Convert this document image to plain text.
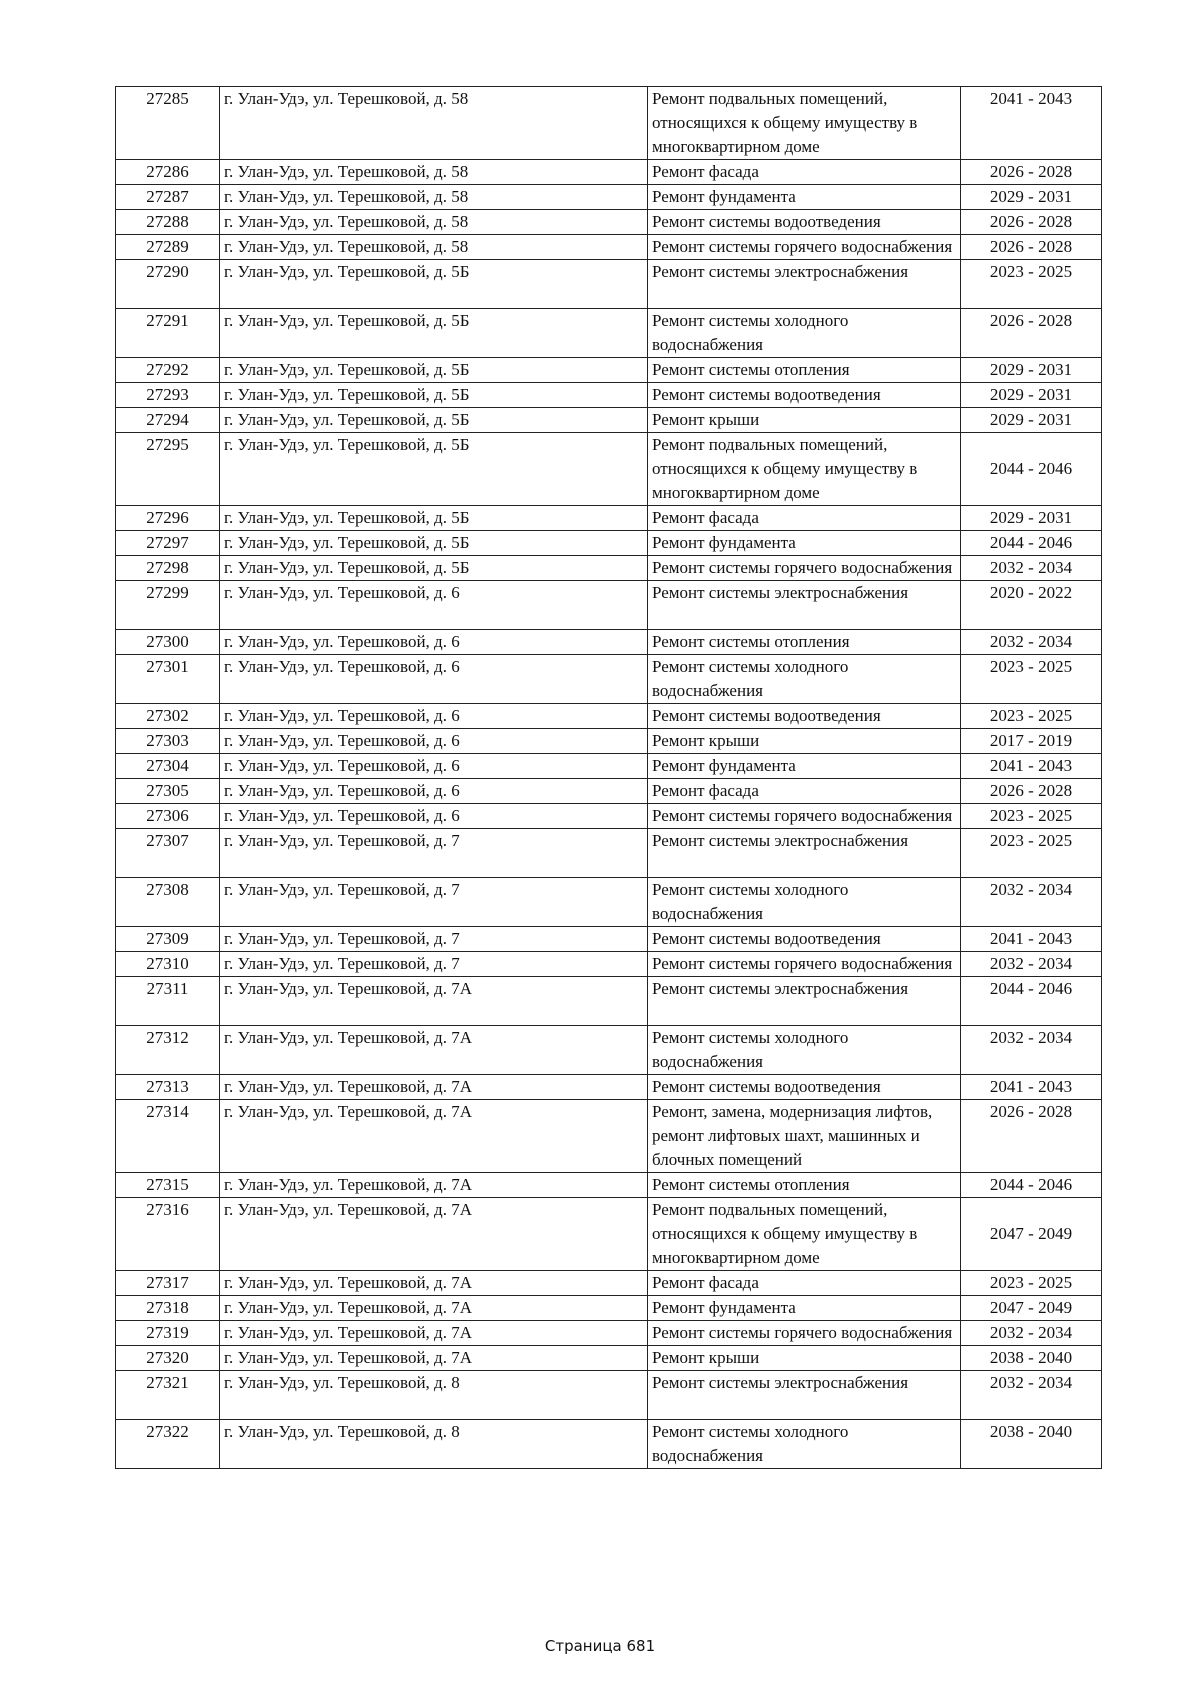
27285	г. Улан-Удэ, ул. Терешковой, д. 58	Ремонт подвальных помещений, относящихся к общему имуществу в многоквартирном доме	2041 - 2043
27286	г. Улан-Удэ, ул. Терешковой, д. 58	Ремонт фасада	2026 - 2028
27287	г. Улан-Удэ, ул. Терешковой, д. 58	Ремонт фундамента	2029 - 2031
27288	г. Улан-Удэ, ул. Терешковой, д. 58	Ремонт системы водоотведения	2026 - 2028
27289	г. Улан-Удэ, ул. Терешковой, д. 58	Ремонт системы горячего водоснабжения	2026 - 2028
27290	г. Улан-Удэ, ул. Терешковой, д. 5Б	Ремонт системы электроснабжения	2023 - 2025
27291	г. Улан-Удэ, ул. Терешковой, д. 5Б	Ремонт системы холодного водоснабжения	2026 - 2028
27292	г. Улан-Удэ, ул. Терешковой, д. 5Б	Ремонт системы отопления	2029 - 2031
27293	г. Улан-Удэ, ул. Терешковой, д. 5Б	Ремонт системы водоотведения	2029 - 2031
27294	г. Улан-Удэ, ул. Терешковой, д. 5Б	Ремонт крыши	2029 - 2031
27295	г. Улан-Удэ, ул. Терешковой, д. 5Б	Ремонт подвальных помещений, относящихся к общему имуществу в многоквартирном доме	2044 - 2046
27296	г. Улан-Удэ, ул. Терешковой, д. 5Б	Ремонт фасада	2029 - 2031
27297	г. Улан-Удэ, ул. Терешковой, д. 5Б	Ремонт фундамента	2044 - 2046
27298	г. Улан-Удэ, ул. Терешковой, д. 5Б	Ремонт системы горячего водоснабжения	2032 - 2034
27299	г. Улан-Удэ, ул. Терешковой, д. 6	Ремонт системы электроснабжения	2020 - 2022
27300	г. Улан-Удэ, ул. Терешковой, д. 6	Ремонт системы отопления	2032 - 2034
27301	г. Улан-Удэ, ул. Терешковой, д. 6	Ремонт системы холодного водоснабжения	2023 - 2025
27302	г. Улан-Удэ, ул. Терешковой, д. 6	Ремонт системы водоотведения	2023 - 2025
27303	г. Улан-Удэ, ул. Терешковой, д. 6	Ремонт крыши	2017 - 2019
27304	г. Улан-Удэ, ул. Терешковой, д. 6	Ремонт фундамента	2041 - 2043
27305	г. Улан-Удэ, ул. Терешковой, д. 6	Ремонт фасада	2026 - 2028
27306	г. Улан-Удэ, ул. Терешковой, д. 6	Ремонт системы горячего водоснабжения	2023 - 2025
27307	г. Улан-Удэ, ул. Терешковой, д. 7	Ремонт системы электроснабжения	2023 - 2025
27308	г. Улан-Удэ, ул. Терешковой, д. 7	Ремонт системы холодного водоснабжения	2032 - 2034
27309	г. Улан-Удэ, ул. Терешковой, д. 7	Ремонт системы водоотведения	2041 - 2043
27310	г. Улан-Удэ, ул. Терешковой, д. 7	Ремонт системы горячего водоснабжения	2032 - 2034
27311	г. Улан-Удэ, ул. Терешковой, д. 7А	Ремонт системы электроснабжения	2044 - 2046
27312	г. Улан-Удэ, ул. Терешковой, д. 7А	Ремонт системы холодного водоснабжения	2032 - 2034
27313	г. Улан-Удэ, ул. Терешковой, д. 7А	Ремонт системы водоотведения	2041 - 2043
27314	г. Улан-Удэ, ул. Терешковой, д. 7А	Ремонт, замена, модернизация лифтов, ремонт лифтовых шахт, машинных и блочных помещений	2026 - 2028
27315	г. Улан-Удэ, ул. Терешковой, д. 7А	Ремонт системы отопления	2044 - 2046
27316	г. Улан-Удэ, ул. Терешковой, д. 7А	Ремонт подвальных помещений, относящихся к общему имуществу в многоквартирном доме	2047 - 2049
27317	г. Улан-Удэ, ул. Терешковой, д. 7А	Ремонт фасада	2023 - 2025
27318	г. Улан-Удэ, ул. Терешковой, д. 7А	Ремонт фундамента	2047 - 2049
27319	г. Улан-Удэ, ул. Терешковой, д. 7А	Ремонт системы горячего водоснабжения	2032 - 2034
27320	г. Улан-Удэ, ул. Терешковой, д. 7А	Ремонт крыши	2038 - 2040
27321	г. Улан-Удэ, ул. Терешковой, д. 8	Ремонт системы электроснабжения	2032 - 2034
27322	г. Улан-Удэ, ул. Терешковой, д. 8	Ремонт системы холодного водоснабжения	2038 - 2040
Страница 681
